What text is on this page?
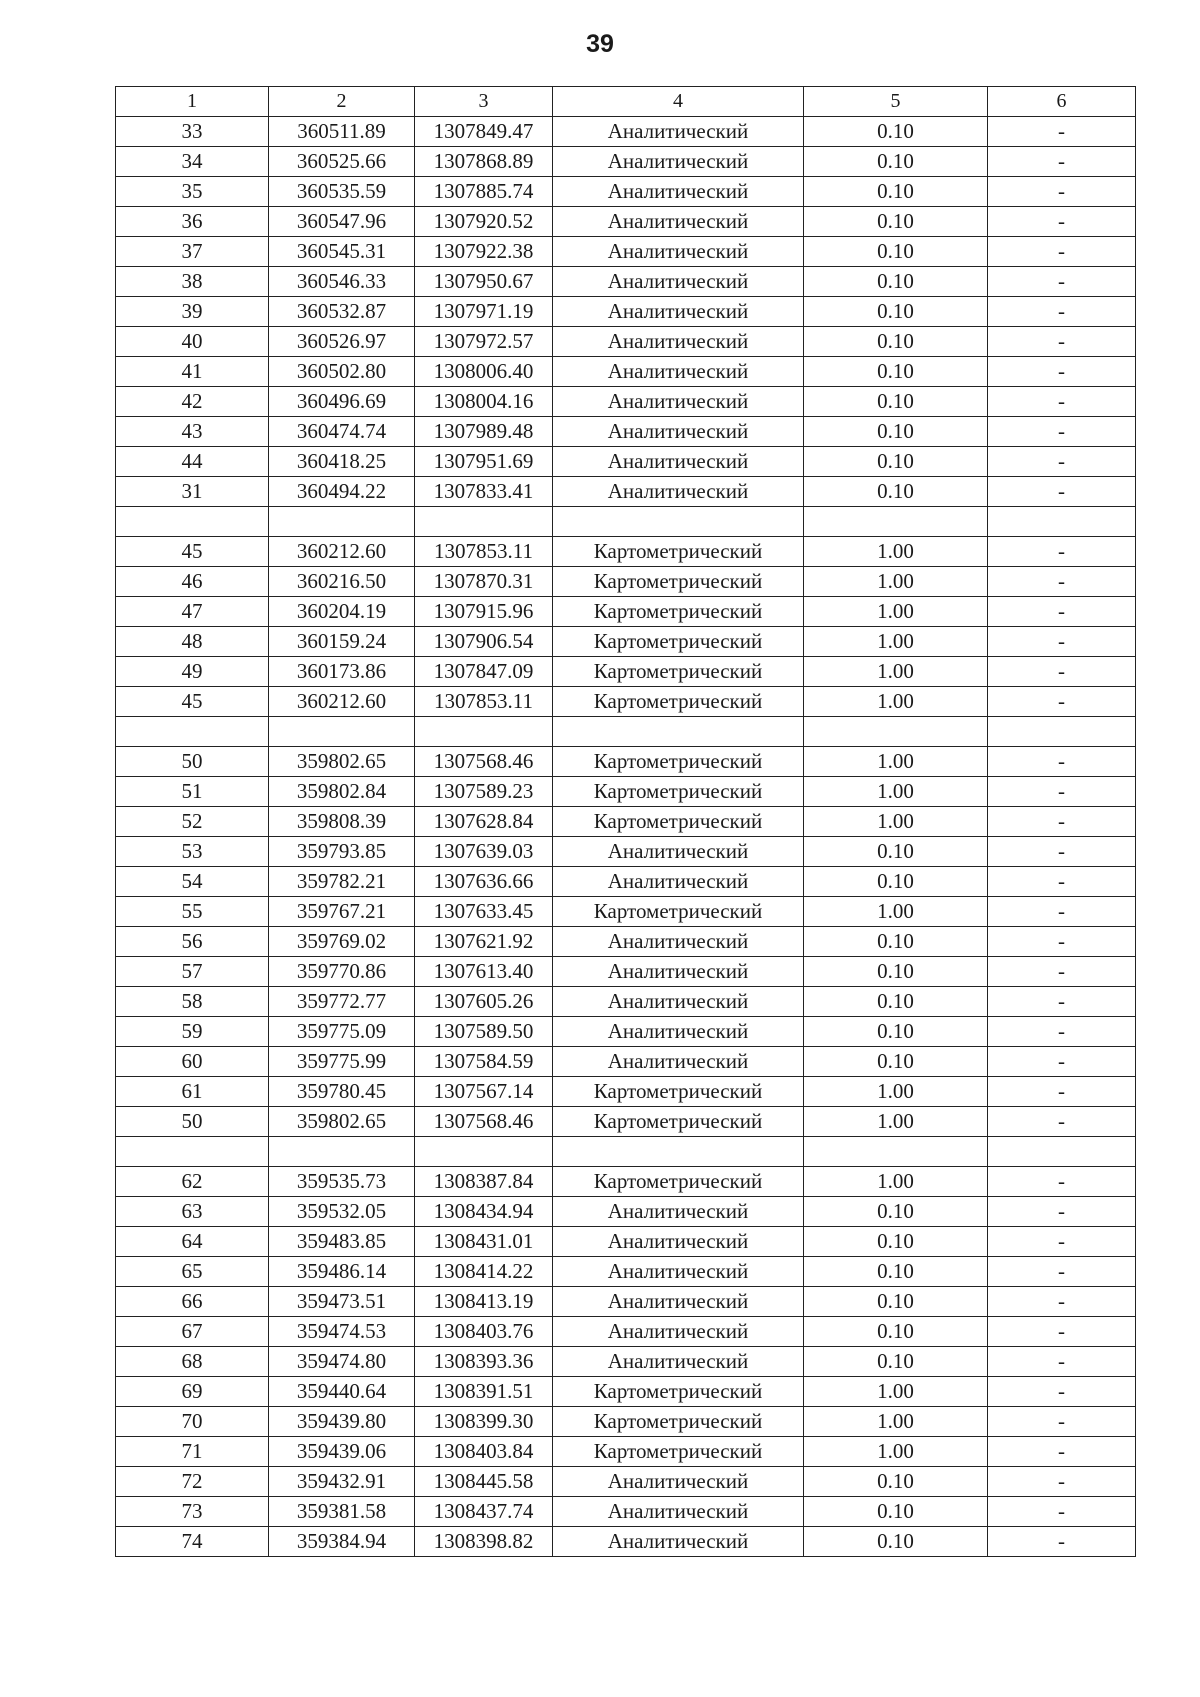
39
1	2	3	4	5	6
33	360511.89	1307849.47	Аналитический	0.10	-
34	360525.66	1307868.89	Аналитический	0.10	-
35	360535.59	1307885.74	Аналитический	0.10	-
36	360547.96	1307920.52	Аналитический	0.10	-
37	360545.31	1307922.38	Аналитический	0.10	-
38	360546.33	1307950.67	Аналитический	0.10	-
39	360532.87	1307971.19	Аналитический	0.10	-
40	360526.97	1307972.57	Аналитический	0.10	-
41	360502.80	1308006.40	Аналитический	0.10	-
42	360496.69	1308004.16	Аналитический	0.10	-
43	360474.74	1307989.48	Аналитический	0.10	-
44	360418.25	1307951.69	Аналитический	0.10	-
31	360494.22	1307833.41	Аналитический	0.10	-

45	360212.60	1307853.11	Картометрический	1.00	-
46	360216.50	1307870.31	Картометрический	1.00	-
47	360204.19	1307915.96	Картометрический	1.00	-
48	360159.24	1307906.54	Картометрический	1.00	-
49	360173.86	1307847.09	Картометрический	1.00	-
45	360212.60	1307853.11	Картометрический	1.00	-

50	359802.65	1307568.46	Картометрический	1.00	-
51	359802.84	1307589.23	Картометрический	1.00	-
52	359808.39	1307628.84	Картометрический	1.00	-
53	359793.85	1307639.03	Аналитический	0.10	-
54	359782.21	1307636.66	Аналитический	0.10	-
55	359767.21	1307633.45	Картометрический	1.00	-
56	359769.02	1307621.92	Аналитический	0.10	-
57	359770.86	1307613.40	Аналитический	0.10	-
58	359772.77	1307605.26	Аналитический	0.10	-
59	359775.09	1307589.50	Аналитический	0.10	-
60	359775.99	1307584.59	Аналитический	0.10	-
61	359780.45	1307567.14	Картометрический	1.00	-
50	359802.65	1307568.46	Картометрический	1.00	-

62	359535.73	1308387.84	Картометрический	1.00	-
63	359532.05	1308434.94	Аналитический	0.10	-
64	359483.85	1308431.01	Аналитический	0.10	-
65	359486.14	1308414.22	Аналитический	0.10	-
66	359473.51	1308413.19	Аналитический	0.10	-
67	359474.53	1308403.76	Аналитический	0.10	-
68	359474.80	1308393.36	Аналитический	0.10	-
69	359440.64	1308391.51	Картометрический	1.00	-
70	359439.80	1308399.30	Картометрический	1.00	-
71	359439.06	1308403.84	Картометрический	1.00	-
72	359432.91	1308445.58	Аналитический	0.10	-
73	359381.58	1308437.74	Аналитический	0.10	-
74	359384.94	1308398.82	Аналитический	0.10	-
